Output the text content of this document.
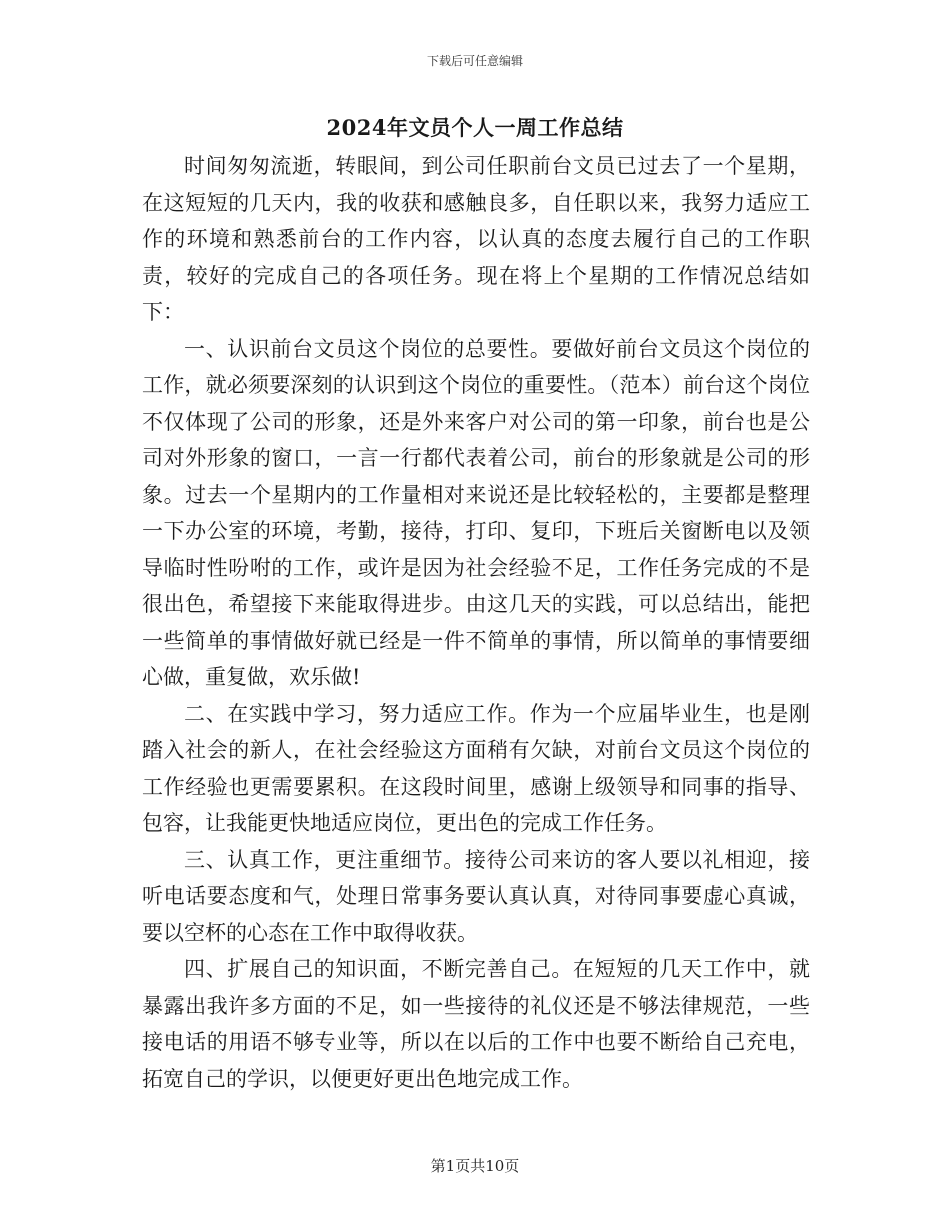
下载后可任意编辑
2024年文员个人一周工作总结

时间匆匆流逝，转眼间，到公司任职前台文员已过去了一个星期，在这短短的几天内，我的收获和感触良多，自任职以来，我努力适应工作的环境和熟悉前台的工作内容，以认真的态度去履行自己的工作职责，较好的完成自己的各项任务。现在将上个星期的工作情况总结如下：

一、认识前台文员这个岗位的总要性。要做好前台文员这个岗位的工作，就必须要深刻的认识到这个岗位的重要性。（范本）前台这个岗位不仅体现了公司的形象，还是外来客户对公司的第一印象，前台也是公司对外形象的窗口，一言一行都代表着公司，前台的形象就是公司的形象。过去一个星期内的工作量相对来说还是比较轻松的，主要都是整理一下办公室的环境，考勤，接待，打印、复印，下班后关窗断电以及领导临时性吩咐的工作，或许是因为社会经验不足，工作任务完成的不是很出色，希望接下来能取得进步。由这几天的实践，可以总结出，能把一些简单的事情做好就已经是一件不简单的事情，所以简单的事情要细心做，重复做，欢乐做!

二、在实践中学习，努力适应工作。作为一个应届毕业生，也是刚踏入社会的新人，在社会经验这方面稍有欠缺，对前台文员这个岗位的工作经验也更需要累积。在这段时间里，感谢上级领导和同事的指导、包容，让我能更快地适应岗位，更出色的完成工作任务。

三、认真工作，更注重细节。接待公司来访的客人要以礼相迎，接听电话要态度和气，处理日常事务要认真认真，对待同事要虚心真诚，要以空杯的心态在工作中取得收获。

四、扩展自己的知识面，不断完善自己。在短短的几天工作中，就暴露出我许多方面的不足，如一些接待的礼仪还是不够法律规范，一些接电话的用语不够专业等，所以在以后的工作中也要不断给自己充电，拓宽自己的学识，以便更好更出色地完成工作。

第1页共10页
